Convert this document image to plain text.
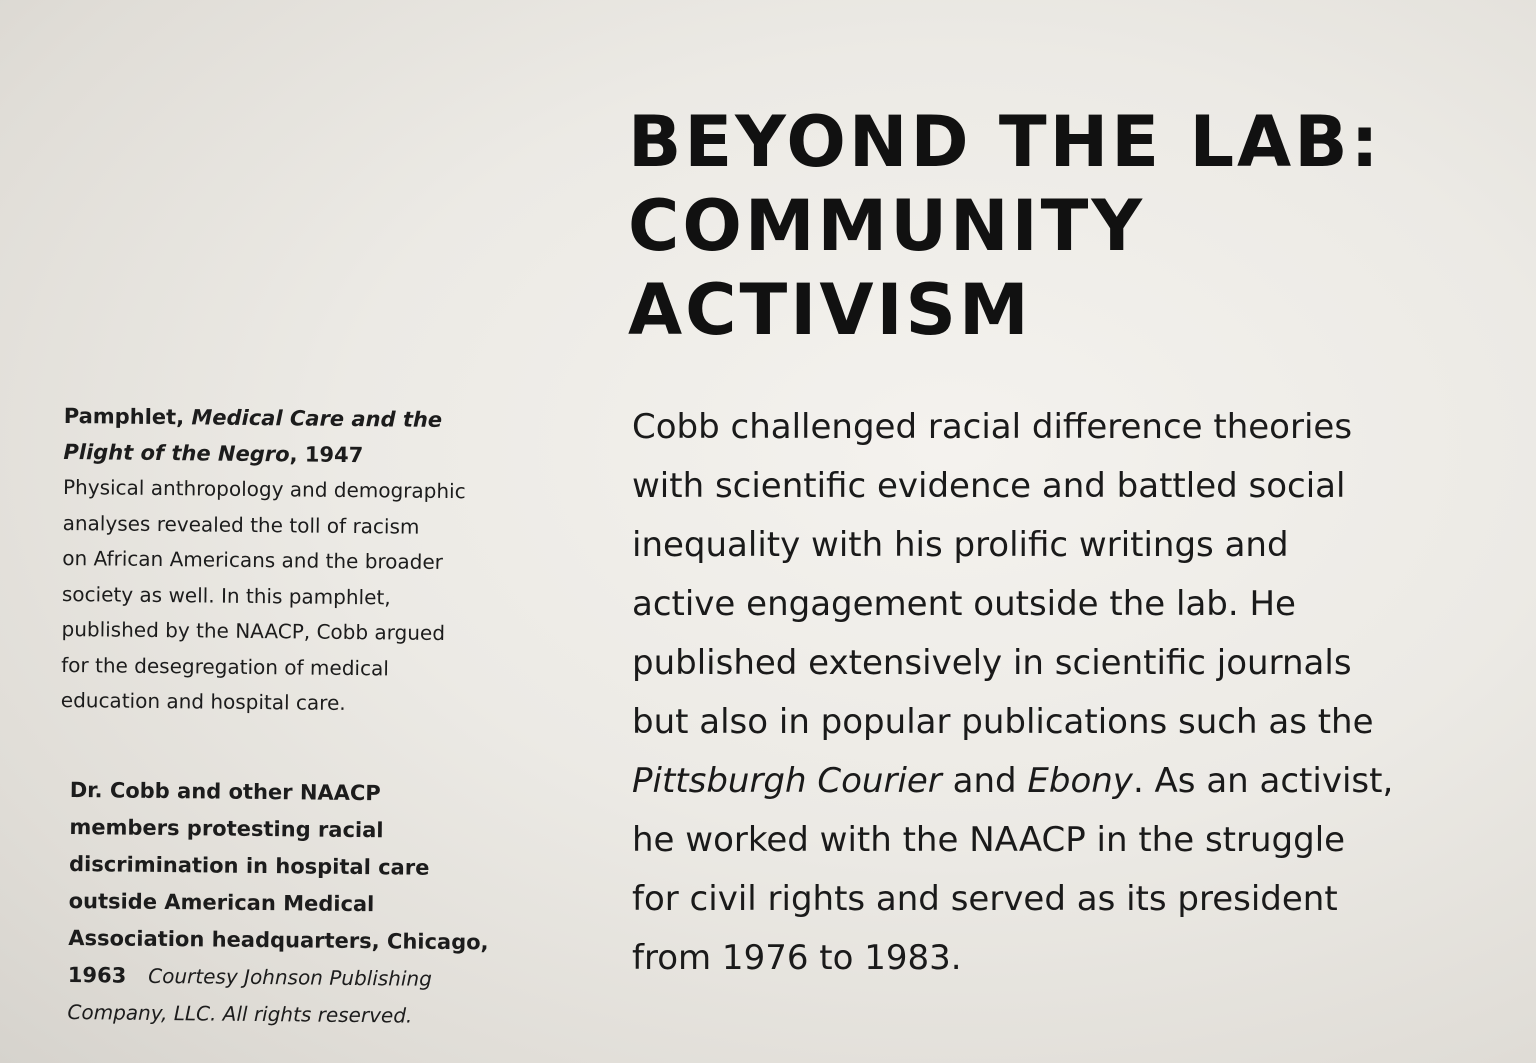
BEYOND THE LAB:
COMMUNITY
ACTIVISM
Cobb challenged racial difference theories
with scientific evidence and battled social
inequality with his prolific writings and
active engagement outside the lab. He
published extensively in scientific journals
but also in popular publications such as the
Pittsburgh Courier and Ebony. As an activist,
he worked with the NAACP in the struggle
for civil rights and served as its president
from 1976 to 1983.
Pamphlet, Medical Care and the
Plight of the Negro, 1947
Physical anthropology and demographic
analyses revealed the toll of racism
on African Americans and the broader
society as well. In this pamphlet,
published by the NAACP, Cobb argued
for the desegregation of medical
education and hospital care.
Dr. Cobb and other NAACP
members protesting racial
discrimination in hospital care
outside American Medical
Association headquarters, Chicago,
1963 Courtesy Johnson Publishing
Company, LLC. All rights reserved.
